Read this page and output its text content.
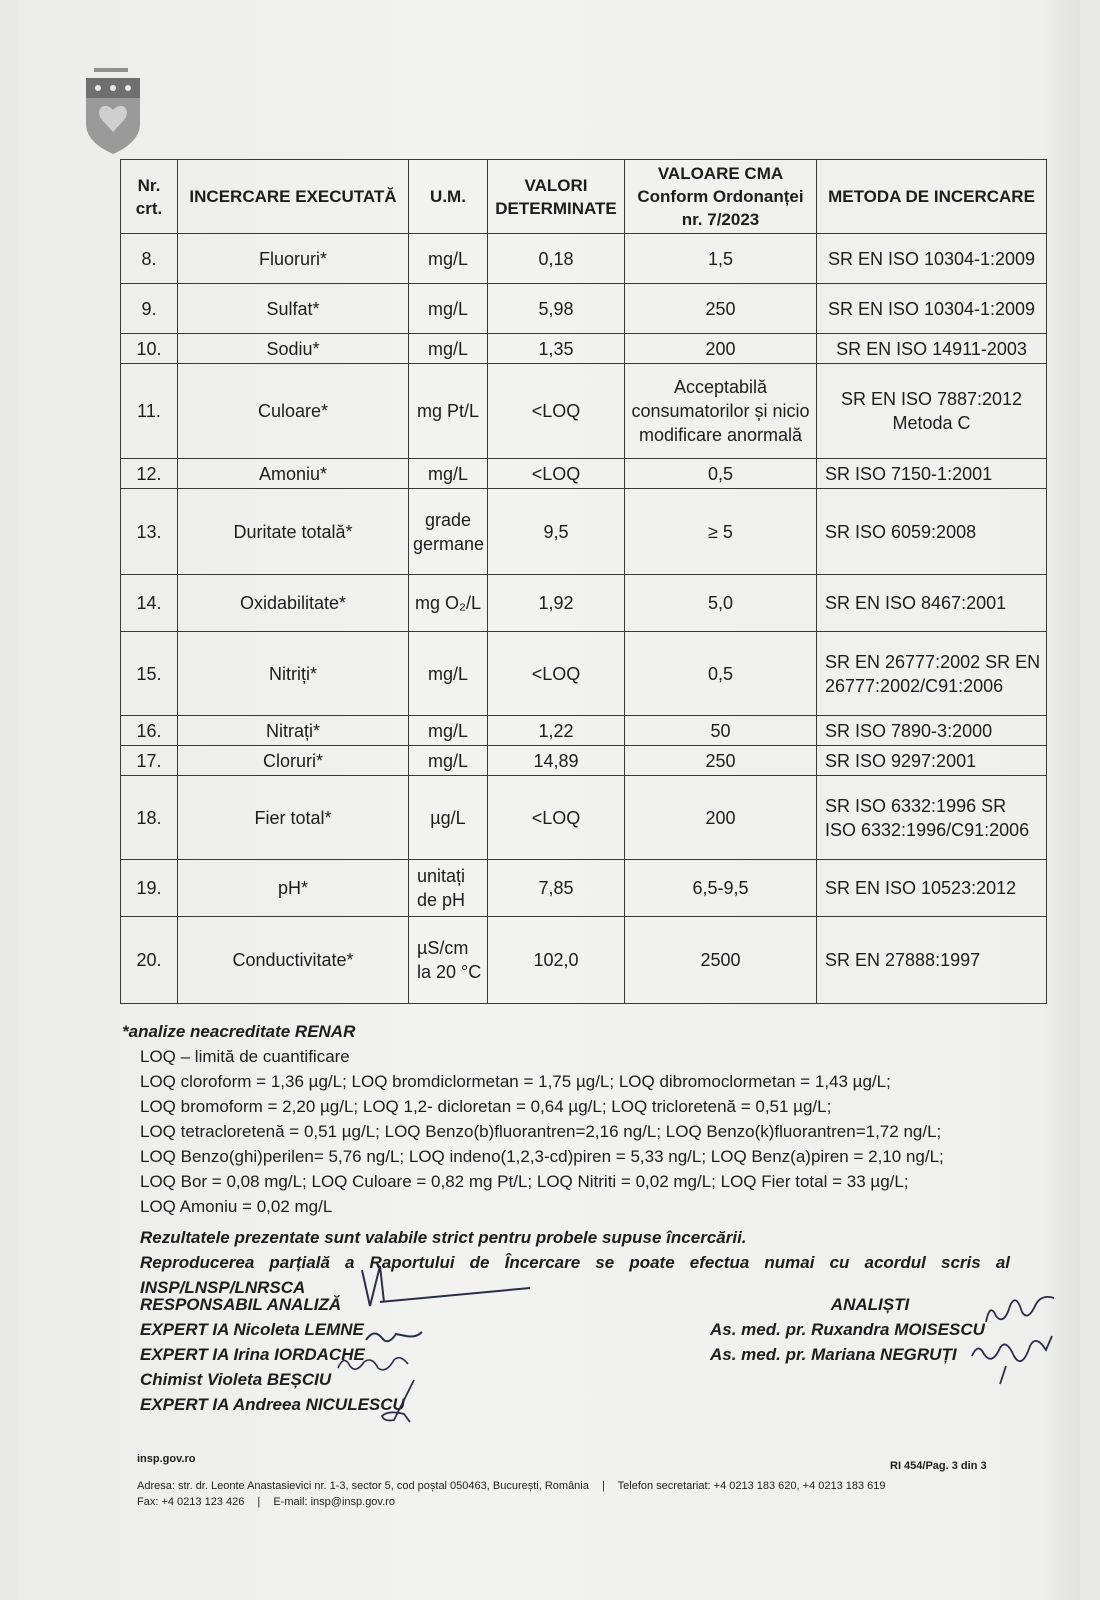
Nr. crt.	INCERCARE EXECUTATĂ	U.M.	VALORI DETERMINATE	VALOARE CMA Conform Ordonanței nr. 7/2023	METODA DE INCERCARE
8.	Fluoruri*	mg/L	0,18	1,5	SR EN ISO 10304-1:2009
9.	Sulfat*	mg/L	5,98	250	SR EN ISO 10304-1:2009
10.	Sodiu*	mg/L	1,35	200	SR EN ISO 14911-2003
11.	Culoare*	mg Pt/L	<LOQ	Acceptabilă consumatorilor și nicio modificare anormală	SR EN ISO 7887:2012 Metoda C
12.	Amoniu*	mg/L	<LOQ	0,5	SR ISO 7150-1:2001
13.	Duritate totală*	grade germane	9,5	≥ 5	SR ISO 6059:2008
14.	Oxidabilitate*	mg O₂/L	1,92	5,0	SR EN ISO 8467:2001
15.	Nitriți*	mg/L	<LOQ	0,5	SR EN 26777:2002 SR EN 26777:2002/C91:2006
16.	Nitrați*	mg/L	1,22	50	SR ISO 7890-3:2000
17.	Cloruri*	mg/L	14,89	250	SR ISO 9297:2001
18.	Fier total*	µg/L	<LOQ	200	SR ISO 6332:1996 SR ISO 6332:1996/C91:2006
19.	pH*	unitați de pH	7,85	6,5-9,5	SR EN ISO 10523:2012
20.	Conductivitate*	µS/cm la 20 °C	102,0	2500	SR EN 27888:1997
*analize neacreditate RENAR
LOQ – limită de cuantificare
LOQ cloroform = 1,36 µg/L; LOQ bromdiclormetan = 1,75 µg/L; LOQ dibromoclormetan = 1,43 µg/L;
LOQ bromoform = 2,20 µg/L; LOQ 1,2- dicloretan = 0,64 µg/L; LOQ tricloretenă = 0,51 µg/L;
LOQ tetracloretenă = 0,51 µg/L; LOQ Benzo(b)fluorantren=2,16 ng/L; LOQ Benzo(k)fluorantren=1,72 ng/L;
LOQ Benzo(ghi)perilen= 5,76 ng/L; LOQ indeno(1,2,3-cd)piren = 5,33 ng/L; LOQ Benz(a)piren = 2,10 ng/L;
LOQ Bor = 0,08 mg/L; LOQ Culoare = 0,82 mg Pt/L; LOQ Nitriti = 0,02 mg/L; LOQ Fier total = 33 µg/L;
LOQ Amoniu = 0,02 mg/L
Rezultatele prezentate sunt valabile strict pentru probele supuse încercării.
Reproducerea parțială a Raportului de Încercare se poate efectua numai cu acordul scris al INSP/LNSP/LNRSCA
RESPONSABIL ANALIZĂ
EXPERT IA Nicoleta LEMNE
EXPERT IA Irina IORDACHE
Chimist Violeta BEȘCIU
EXPERT IA Andreea NICULESCU
ANALIȘTI
As. med. pr. Ruxandra MOISESCU
As. med. pr. Mariana NEGRUȚI
insp.gov.ro
RI 454/Pag. 3 din 3
Adresa: str. dr. Leonte Anastasievici nr. 1-3, sector 5, cod poștal 050463, București, România | Telefon secretariat: +4 0213 183 620, +4 0213 183 619
Fax: +4 0213 123 426 | E-mail: insp@insp.gov.ro
